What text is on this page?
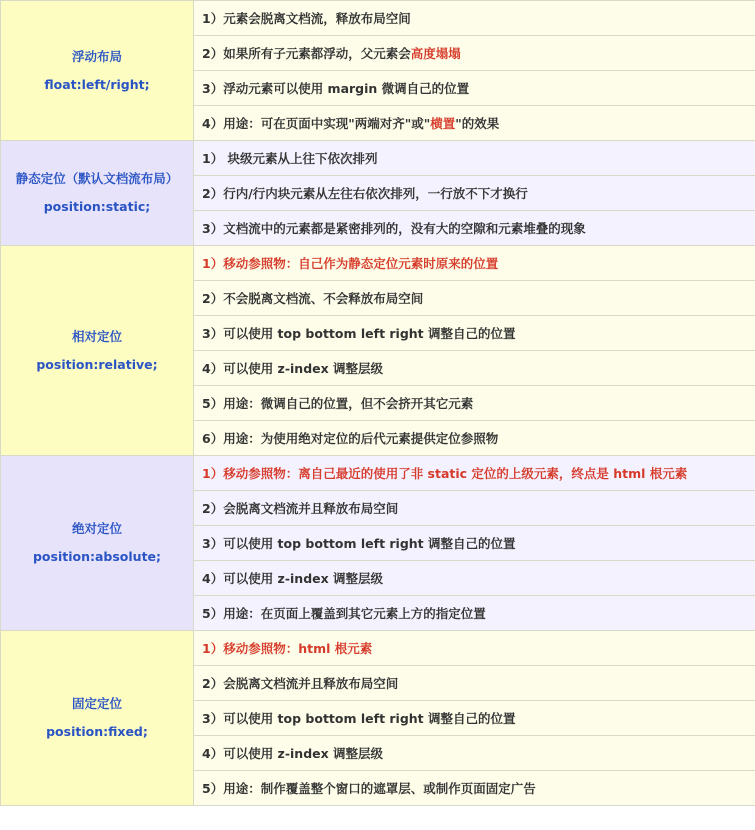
浮动布局
float:left/right;	1）元素会脱离文档流，释放布局空间
	2）如果所有子元素都浮动，父元素会高度塌塌
	3）浮动元素可以使用 margin 微调自己的位置
	4）用途：可在页面中实现"两端对齐"或"横置"的效果

静态定位（默认文档流布局）
position:static;	1） 块级元素从上往下依次排列
	2）行内/行内块元素从左往右依次排列，一行放不下才换行
	3）文档流中的元素都是紧密排列的，没有大的空隙和元素堆叠的现象

相对定位
position:relative;	1）移动参照物：自己作为静态定位元素时原来的位置
	2）不会脱离文档流、不会释放布局空间
	3）可以使用 top bottom left right 调整自己的位置
	4）可以使用 z-index 调整层级
	5）用途：微调自己的位置，但不会挤开其它元素
	6）用途：为使用绝对定位的后代元素提供定位参照物

绝对定位
position:absolute;	1）移动参照物：离自己最近的使用了非 static 定位的上级元素，终点是 html 根元素
	2）会脱离文档流并且释放布局空间
	3）可以使用 top bottom left right 调整自己的位置
	4）可以使用 z-index 调整层级
	5）用途：在页面上覆盖到其它元素上方的指定位置

固定定位
position:fixed;	1）移动参照物：html 根元素
	2）会脱离文档流并且释放布局空间
	3）可以使用 top bottom left right 调整自己的位置
	4）可以使用 z-index 调整层级
	5）用途：制作覆盖整个窗口的遮罩层、或制作页面固定广告
